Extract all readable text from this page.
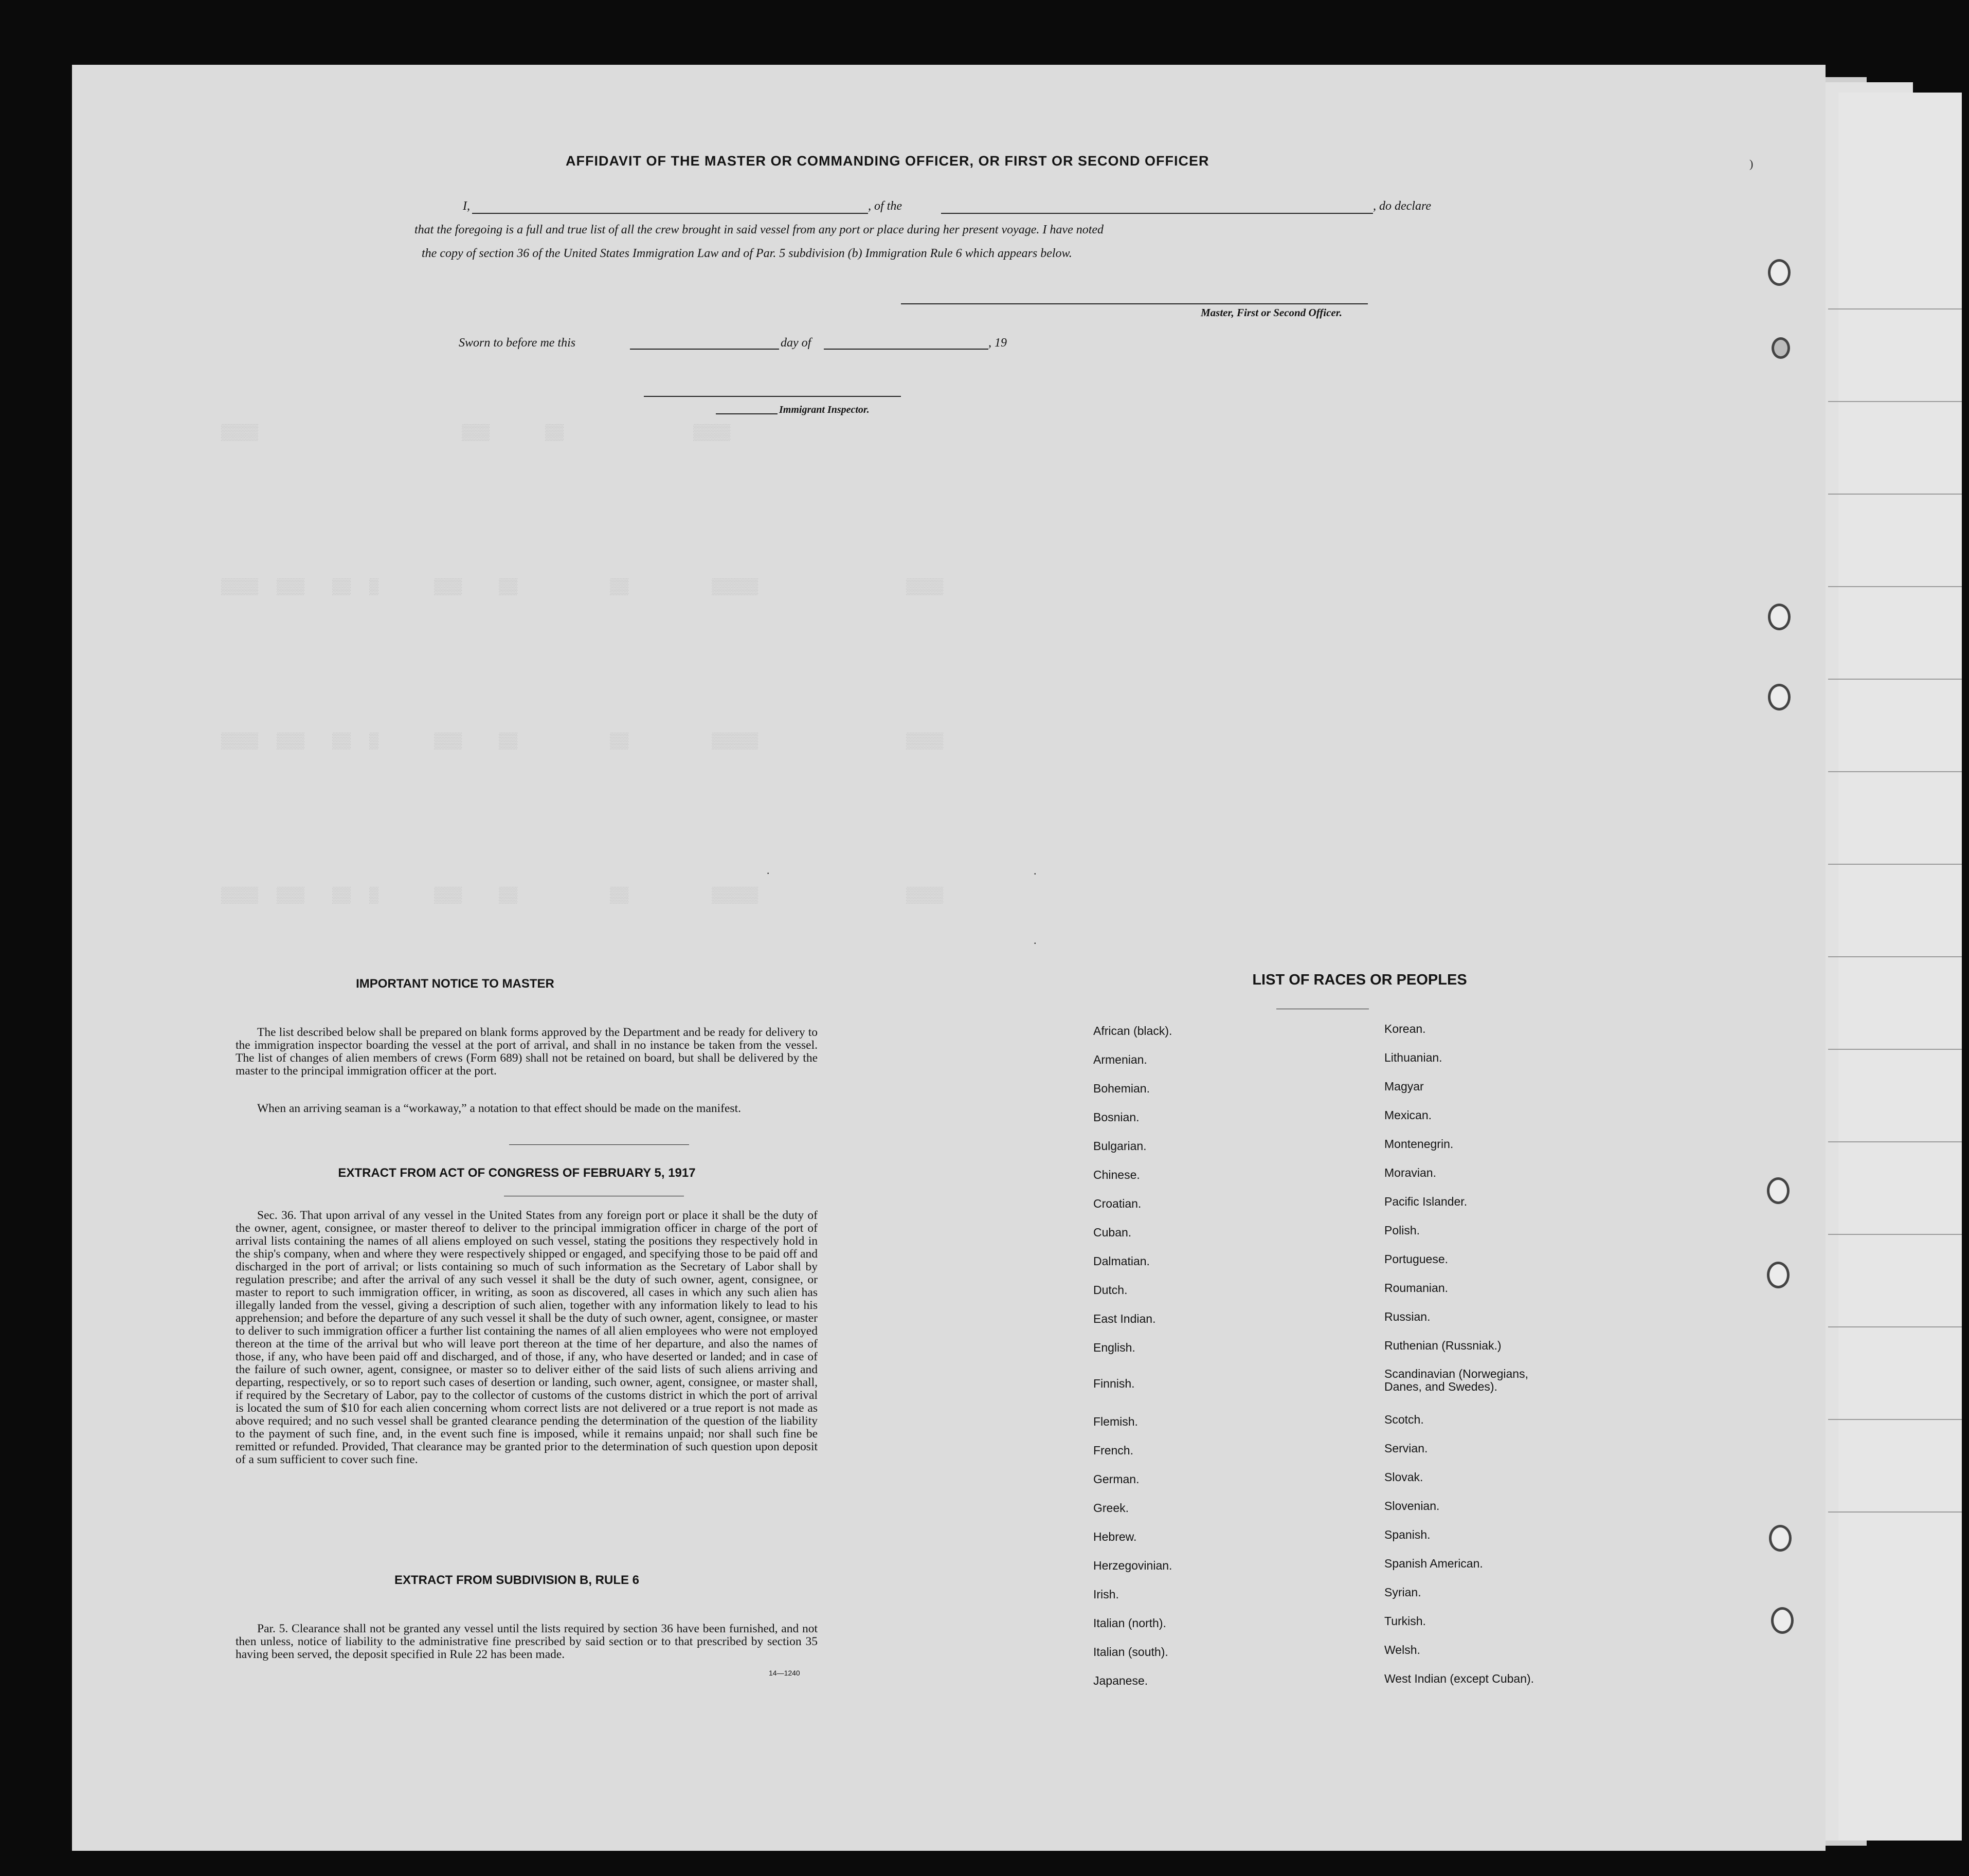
▒▒▒▒                      ▒▒▒      ▒▒              ▒▒▒▒
▒▒▒▒  ▒▒▒   ▒▒  ▒      ▒▒▒    ▒▒          ▒▒         ▒▒▒▒▒                ▒▒▒▒
▒▒▒▒  ▒▒▒   ▒▒  ▒      ▒▒▒    ▒▒          ▒▒         ▒▒▒▒▒                ▒▒▒▒
▒▒▒▒  ▒▒▒   ▒▒  ▒      ▒▒▒    ▒▒          ▒▒         ▒▒▒▒▒                ▒▒▒▒
AFFIDAVIT OF THE MASTER OR COMMANDING OFFICER, OR FIRST OR SECOND OFFICER
I,	, of the	, do declare
that the foregoing is a full and true list of all the crew brought in said vessel from any port or place during her present voyage. I have noted
the copy of section 36 of the United States Immigration Law and of Par. 5 subdivision (b) Immigration Rule 6 which appears below.
Master, First or Second Officer.
Sworn to before me this	day of	, 19
Immigrant Inspector.
IMPORTANT NOTICE TO MASTER
The list described below shall be prepared on blank forms approved by the Department and be ready for delivery to the immigration inspector boarding the vessel at the port of arrival, and shall in no instance be taken from the vessel. The list of changes of alien members of crews (Form 689) shall not be retained on board, but shall be delivered by the master to the principal immigration officer at the port.
When an arriving seaman is a “workaway,” a notation to that effect should be made on the manifest.
EXTRACT FROM ACT OF CONGRESS OF FEBRUARY 5, 1917
Sec. 36. That upon arrival of any vessel in the United States from any foreign port or place it shall be the duty of the owner, agent, consignee, or master thereof to deliver to the principal immigration officer in charge of the port of arrival lists containing the names of all aliens employed on such vessel, stating the positions they respectively hold in the ship's company, when and where they were respectively shipped or engaged, and specifying those to be paid off and discharged in the port of arrival; or lists containing so much of such information as the Secretary of Labor shall by regulation prescribe; and after the arrival of any such vessel it shall be the duty of such owner, agent, consignee, or master to report to such immigration officer, in writing, as soon as discovered, all cases in which any such alien has illegally landed from the vessel, giving a description of such alien, together with any information likely to lead to his apprehension; and before the departure of any such vessel it shall be the duty of such owner, agent, consignee, or master to deliver to such immigration officer a further list containing the names of all alien employees who were not employed thereon at the time of the arrival but who will leave port thereon at the time of her departure, and also the names of those, if any, who have been paid off and discharged, and of those, if any, who have deserted or landed; and in case of the failure of such owner, agent, consignee, or master so to deliver either of the said lists of such aliens arriving and departing, respectively, or so to report such cases of desertion or landing, such owner, agent, consignee, or master shall, if required by the Secretary of Labor, pay to the collector of customs of the customs district in which the port of arrival is located the sum of $10 for each alien concerning whom correct lists are not delivered or a true report is not made as above required; and no such vessel shall be granted clearance pending the determination of the question of the liability to the payment of such fine, and, in the event such fine is imposed, while it remains unpaid; nor shall such fine be remitted or refunded. Provided, That clearance may be granted prior to the determination of such question upon deposit of a sum sufficient to cover such fine.
EXTRACT FROM SUBDIVISION B, RULE 6
Par. 5. Clearance shall not be granted any vessel until the lists required by section 36 have been furnished, and not then unless, notice of liability to the administrative fine prescribed by said section or to that prescribed by section 35 having been served, the deposit specified in Rule 22 has been made.
14—1240
LIST OF RACES OR PEOPLES
African (black).
Armenian.
Bohemian.
Bosnian.
Bulgarian.
Chinese.
Croatian.
Cuban.
Dalmatian.
Dutch.
East Indian.
English.
Finnish.
Flemish.
French.
German.
Greek.
Hebrew.
Herzegovinian.
Irish.
Italian (north).
Italian (south).
Japanese.
Korean.
Lithuanian.
Magyar
Mexican.
Montenegrin.
Moravian.
Pacific Islander.
Polish.
Portuguese.
Roumanian.
Russian.
Ruthenian (Russniak.)
Scandinavian (Norwegians, Danes, and Swedes).
Scotch.
Servian.
Slovak.
Slovenian.
Spanish.
Spanish American.
Syrian.
Turkish.
Welsh.
West Indian (except Cuban).
)
·	.
.
